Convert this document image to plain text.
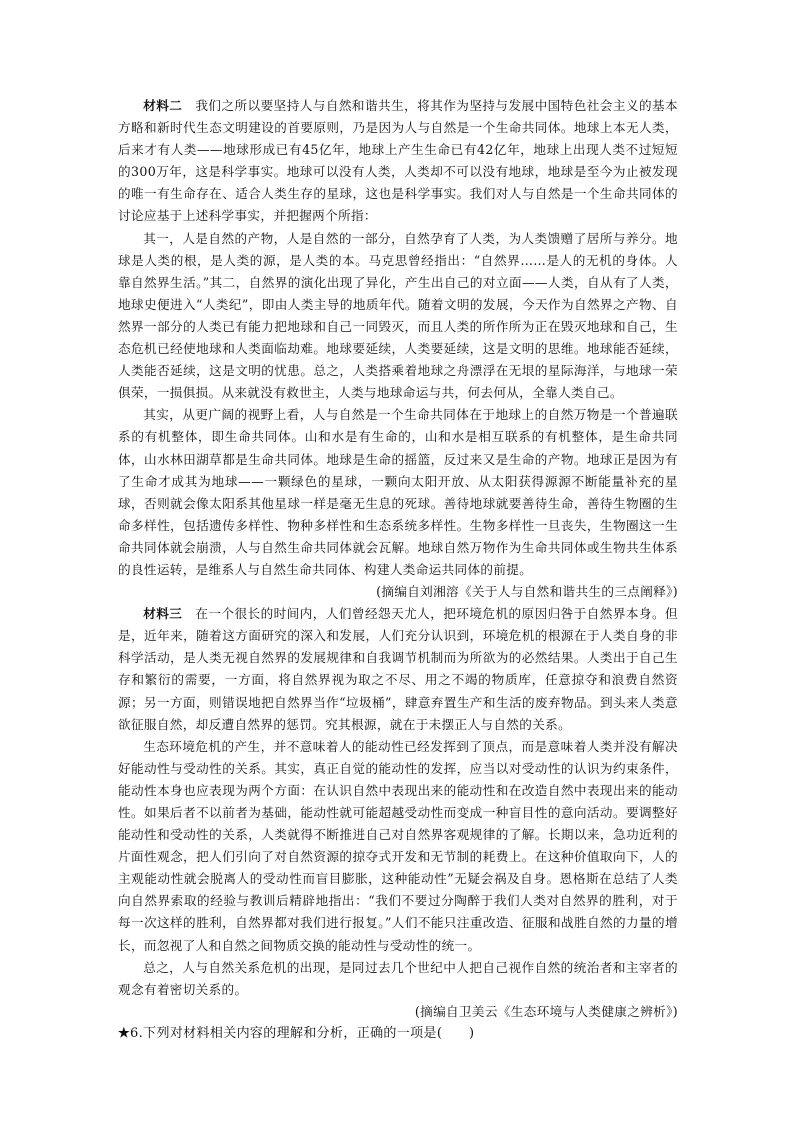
材料二　 我们之所以要坚持人与自然和谐共生，将其作为坚持与发展中国特色社会主义的基本方略和新时代生态文明建设的首要原则，乃是因为人与自然是一个生命共同体。地球上本无人类，后来才有人类——地球形成已有45亿年，地球上产生生命已有42亿年，地球上出现人类不过短短的300万年，这是科学事实。地球可以没有人类，人类却不可以没有地球，地球是至今为止被发现的唯一有生命存在、适合人类生存的星球，这也是科学事实。我们对人与自然是一个生命共同体的讨论应基于上述科学事实，并把握两个所指：

其一，人是自然的产物，人是自然的一部分，自然孕育了人类，为人类馈赠了居所与养分。地球是人类的根，是人类的源，是人类的本。马克思曾经指出：“自然界……是人的无机的身体。人靠自然界生活。”其二，自然界的演化出现了异化，产生出自己的对立面——人类，自从有了人类，地球史便进入“人类纪”，即由人类主导的地质年代。随着文明的发展，今天作为自然界之产物、自然界一部分的人类已有能力把地球和自己一同毁灭，而且人类的所作所为正在毁灭地球和自己，生态危机已经使地球和人类面临劫难。地球要延续，人类要延续，这是文明的思维。地球能否延续，人类能否延续，这是文明的忧患。总之，人类搭乘着地球之舟漂浮在无垠的星际海洋，与地球一荣俱荣，一损俱损。从来就没有救世主，人类与地球命运与共，何去何从，全靠人类自己。

其实，从更广阔的视野上看，人与自然是一个生命共同体在于地球上的自然万物是一个普遍联系的有机整体，即生命共同体。山和水是有生命的，山和水是相互联系的有机整体，是生命共同体，山水林田湖草都是生命共同体。地球是生命的摇篮，反过来又是生命的产物。地球正是因为有了生命才成其为地球——一颗绿色的星球，一颗向太阳开放、从太阳获得源源不断能量补充的星球，否则就会像太阳系其他星球一样是毫无生息的死球。善待地球就要善待生命，善待生物圈的生命多样性，包括遗传多样性、物种多样性和生态系统多样性。生物多样性一旦丧失，生物圈这一生命共同体就会崩溃，人与自然生命共同体就会瓦解。地球自然万物作为生命共同体或生物共生体系的良性运转，是维系人与自然生命共同体、构建人类命运共同体的前提。

(摘编自刘湘溶《关于人与自然和谐共生的三点阐释》)

材料三　 在一个很长的时间内，人们曾经怨天尤人，把环境危机的原因归咎于自然界本身。但是，近年来，随着这方面研究的深入和发展，人们充分认识到，环境危机的根源在于人类自身的非科学活动，是人类无视自然界的发展规律和自我调节机制而为所欲为的必然结果。人类出于自己生存和繁衍的需要，一方面，将自然界视为取之不尽、用之不竭的物质库，任意掠夺和浪费自然资源；另一方面，则错误地把自然界当作“垃圾桶”，肆意弃置生产和生活的废弃物品。到头来人类意欲征服自然，却反遭自然界的惩罚。究其根源，就在于未摆正人与自然的关系。

生态环境危机的产生，并不意味着人的能动性已经发挥到了顶点，而是意味着人类并没有解决好能动性与受动性的关系。其实，真正自觉的能动性的发挥，应当以对受动性的认识为约束条件，能动性本身也应表现为两个方面：在认识自然中表现出来的能动性和在改造自然中表现出来的能动性。如果后者不以前者为基础，能动性就可能超越受动性而变成一种盲目性的意向活动。要调整好能动性和受动性的关系，人类就得不断推进自己对自然界客观规律的了解。长期以来，急功近利的片面性观念，把人们引向了对自然资源的掠夺式开发和无节制的耗费上。在这种价值取向下，人的主观能动性就会脱离人的受动性而盲目膨胀，这种能动性”无疑会祸及自身。恩格斯在总结了人类向自然界索取的经验与教训后精辟地指出：“我们不要过分陶醉于我们人类对自然界的胜利，对于每一次这样的胜利，自然界都对我们进行报复。”人们不能只注重改造、征服和战胜自然的力量的增长，而忽视了人和自然之间物质交换的能动性与受动性的统一。

总之，人与自然关系危机的出现，是同过去几个世纪中人把自己视作自然的统治者和主宰者的观念有着密切关系的。

(摘编自卫美云《生态环境与人类健康之辨析》)

★6.下列对材料相关内容的理解和分析，正确的一项是(　　)
